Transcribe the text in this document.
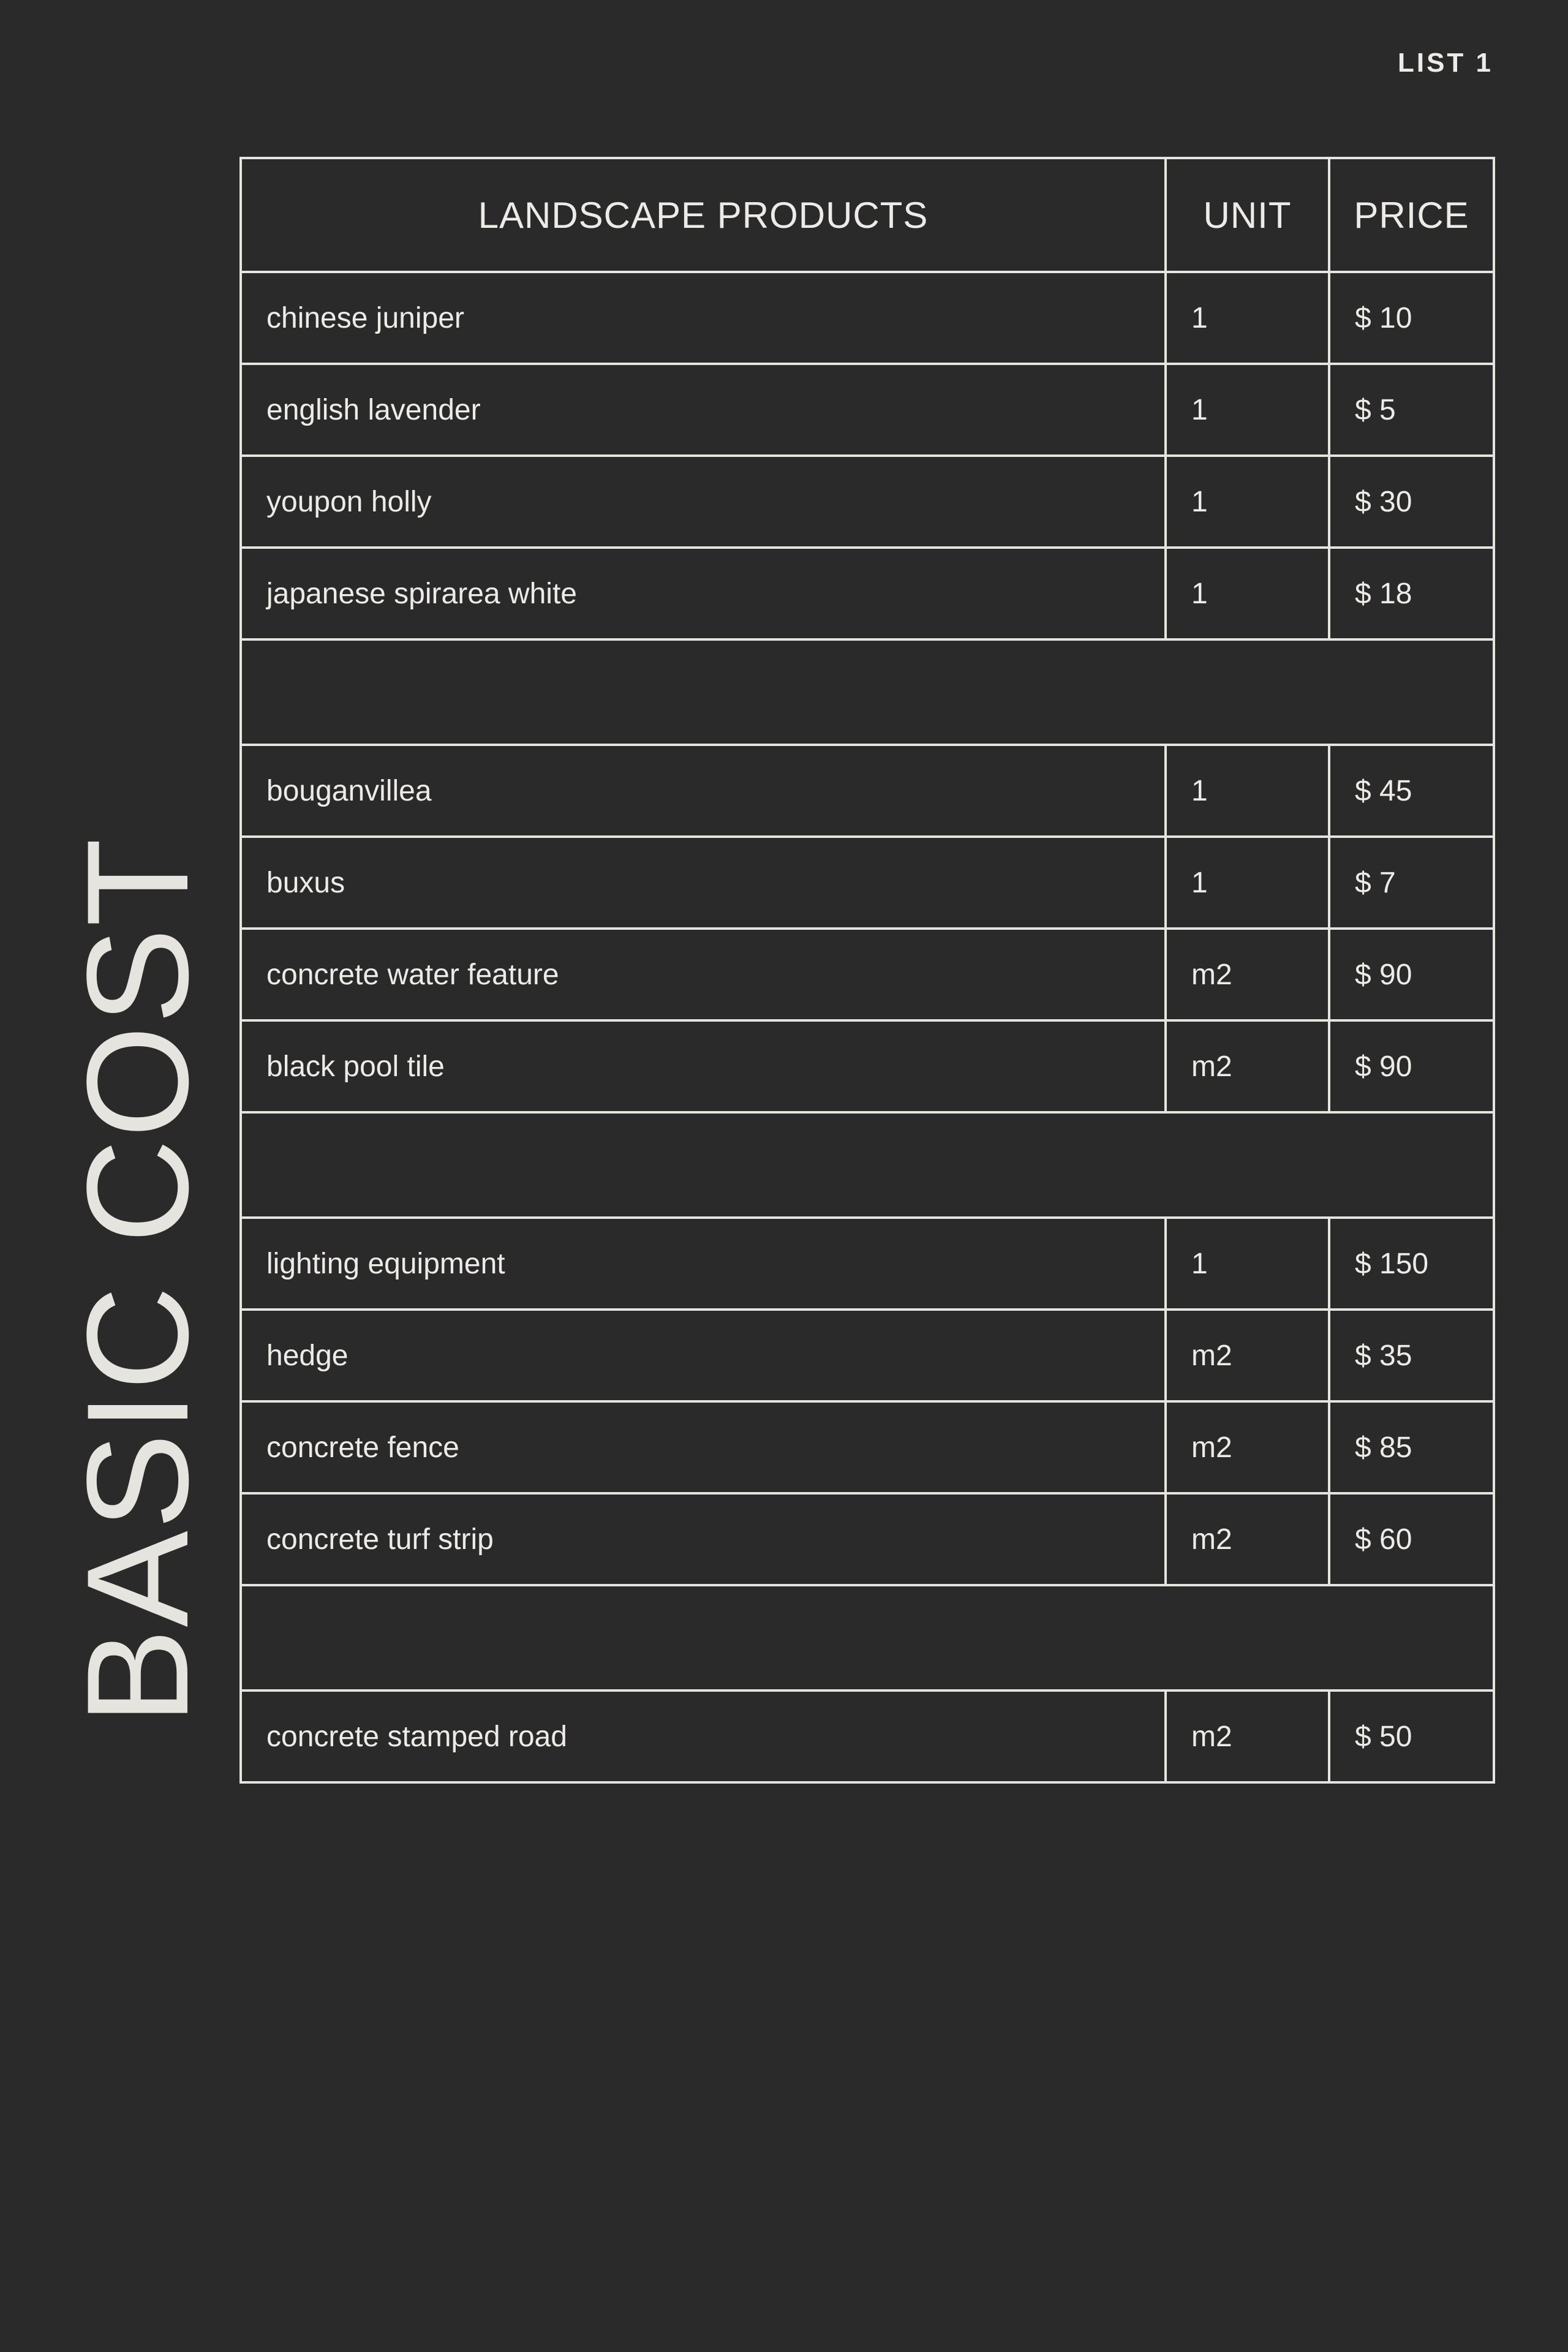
LIST 1
BASIC COST
LANDSCAPE PRODUCTS	UNIT	PRICE
chinese juniper	1	$ 10
english lavender	1	$ 5
youpon holly	1	$ 30
japanese spirarea white	1	$ 18

bouganvillea	1	$ 45
buxus	1	$ 7
concrete water feature	m2	$ 90
black pool tile	m2	$ 90

lighting equipment	1	$ 150
hedge	m2	$ 35
concrete fence	m2	$ 85
concrete turf strip	m2	$ 60

concrete stamped road	m2	$ 50
